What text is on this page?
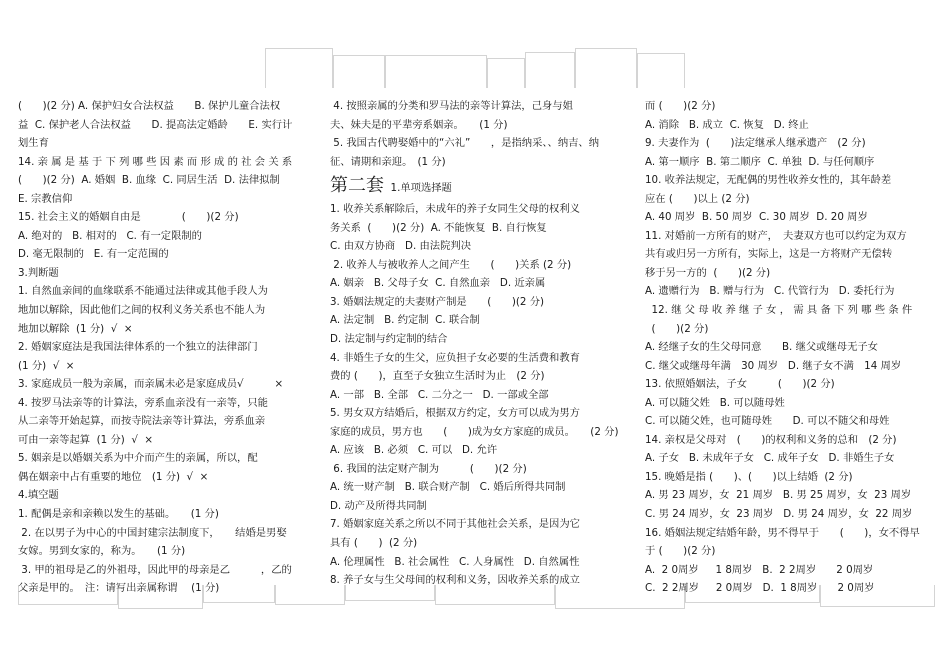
(　　)(2 分) A. 保护妇女合法权益　　B. 保护儿童合法权
益  C. 保护老人合法权益　　D. 提高法定婚龄　　E. 实行计
划生育
14. 亲 属 是 基 于 下 列 哪 些 因 素 而 形 成 的 社 会 关 系
(　　)(2 分)  A. 婚姻  B. 血缘  C. 同居生活  D. 法律拟制
E. 宗教信仰
15. 社会主义的婚姻自由是　　　　(　　)(2 分)
A. 绝对的   B. 相对的   C. 有一定限制的
D. 毫无限制的   E. 有一定范围的
3.判断题
1. 自然血亲间的血缘联系不能通过法律或其他手段人为
地加以解除，因此他们之间的权利义务关系也不能人为
地加以解除  (1 分)  √  ×
2. 婚姻家庭法是我国法律体系的一个独立的法律部门
(1 分)  √  ×
3. 家庭成员一般为亲属，而亲属未必是家庭成员√　　　×
4. 按罗马法亲等的计算法，旁系血亲没有一亲等，只能
从二亲等开始起算，而按寺院法亲等计算法，旁系血亲
可由一亲等起算  (1 分)  √  ×
5. 姻亲是以婚姻关系为中介而产生的亲属，所以，配
偶在姻亲中占有重要的地位　(1 分)  √  ×
4.填空题
1. 配偶是亲和亲赖以发生的基础。　　(1 分)
2. 在以男子为中心的中国封建宗法制度下，　　结婚是男娶
女嫁。男到女家的，称为。　　(1 分)
3. 甲的祖母是乙的外祖母，因此甲的母亲是乙　　　，乙的
父亲是甲的。　注：请写出亲属称谓　 (1 分)
4. 按照亲属的分类和罗马法的亲等计算法，己身与姐
夫、妹夫是的平辈旁系姻亲。　　(1 分)
5. 我国古代聘娶婚中的“六礼”　　，是指纳采、、纳吉、纳
征、请期和亲迎。　(1 分)
第二套 1.单项选择题
1. 收养关系解除后，未成年的养子女同生父母的权利义
务关系  (　　)(2 分)  A. 不能恢复  B. 自行恢复
C. 由双方协商   D. 由法院判决
2. 收养人与被收养人之间产生　　(　　)关系 (2 分)
A. 姻亲   B. 父母子女  C. 自然血亲   D. 近亲属
3. 婚姻法规定的夫妻财产制是　　(　　)(2 分)
A. 法定制   B. 约定制  C. 联合制
D. 法定制与约定制的结合
4. 非婚生子女的生父，应负担子女必要的生活费和教育
费的 (　　)，直至子女独立生活时为止　(2 分)
A. 一部   B. 全部   C. 二分之一   D. 一部或全部
5. 男女双方结婚后，根据双方约定，女方可以成为男方
家庭的成员，男方也　　(　　)成为女方家庭的成员。　　(2 分)
A. 应该   B. 必须   C. 可以   D. 允许
6. 我国的法定财产制为　　　(　　)(2 分)
A. 统一财产制   B. 联合财产制   C. 婚后所得共同制
D. 动产及所得共同制
7. 婚姻家庭关系之所以不同于其他社会关系，是因为它
具有 (　　)  (2 分)
A. 伦理属性   B. 社会属性   C. 人身属性   D. 自然属性
8. 养子女与生父母间的权利和义务，因收养关系的成立
而 (　　)(2 分)
A. 消除   B. 成立  C. 恢复   D. 终止
9. 夫妻作为  (　　)法定继承人继承遗产　(2 分)
A. 第一顺序  B. 第二顺序  C. 单独  D. 与任何顺序
10. 收养法规定，无配偶的男性收养女性的，其年龄差
应在 (　　)以上 (2 分)
A. 40 周岁  B. 50 周岁  C. 30 周岁  D. 20 周岁
11. 对婚前一方所有的财产，　夫妻双方也可以约定为双方
共有或归另一方所有，实际上，这是一方将财产无偿转
移于另一方的  (　　)(2 分)
A. 遗赠行为   B. 赠与行为   C. 代管行为   D. 委托行为
12. 继 父 母 收 养 继 子 女 ， 需 具 备 下 列 哪 些 条 件
(　　)(2 分)
A. 经继子女的生父母同意　　B. 继父或继母无子女
C. 继父或继母年满　30 周岁   D. 继子女不满　14 周岁
13. 依照婚姻法，子女　　　(　　)(2 分)
A. 可以随父姓   B. 可以随母姓
C. 可以随父姓，也可随母姓　　D. 可以不随父和母姓
14. 亲权是父母对　(　　)的权利和义务的总和　(2 分)
A. 子女   B. 未成年子女   C. 成年子女   D. 非婚生子女
15. 晚婚是指 (　　)、(　　)以上结婚  (2 分)
A. 男 23 周岁，女  21 周岁   B. 男 25 周岁，女  23 周岁
C. 男 24 周岁，女  23 周岁   D. 男 24 周岁，女  22 周岁
16. 婚姻法规定结婚年龄，男不得早于　　(　　)，女不得早
于 (　　)(2 分)
A.  2 0周岁　  1 8周岁   B.  2 2周岁　   2 0周岁
C.  2 2周岁　  2 0周岁   D.  1 8周岁　   2 0周岁
